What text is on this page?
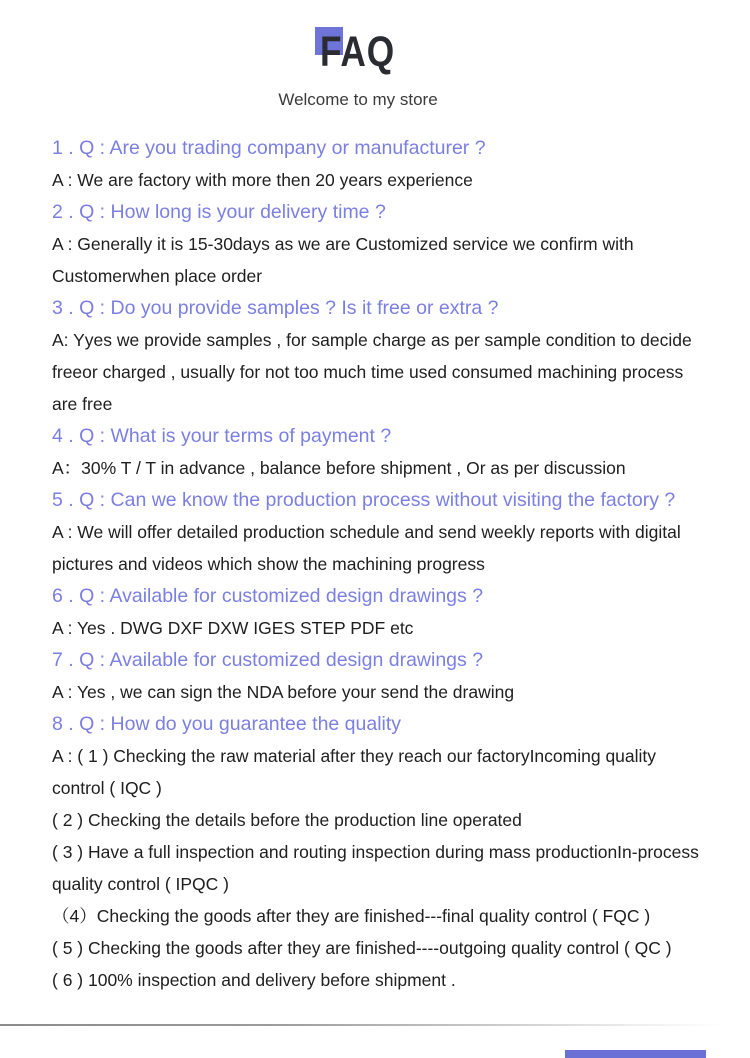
FAQ
Welcome to my store
1 . Q : Are you trading company or manufacturer ?
A : We are factory with more then 20 years experience
2 . Q : How long is your delivery time ?
A : Generally it is 15-30days as we are Customized service we confirm with
Customerwhen place order
3 . Q : Do you provide samples ? Is it free or extra ?
A: Yyes we provide samples , for sample charge as per sample condition to decide
freeor charged , usually for not too much time used consumed machining process
are free
4 . Q : What is your terms of payment ?
A：30% T / T in advance , balance before shipment , Or as per discussion
5 . Q : Can we know the production process without visiting the factory ?
A : We will offer detailed production schedule and send weekly reports with digital
pictures and videos which show the machining progress
6 . Q : Available for customized design drawings ?
A : Yes . DWG DXF DXW IGES STEP PDF etc
7 . Q : Available for customized design drawings ?
A : Yes , we can sign the NDA before your send the drawing
8 . Q : How do you guarantee the quality
A : ( 1 ) Checking the raw material after they reach our factoryIncoming quality
control ( IQC )
( 2 ) Checking the details before the production line operated
( 3 ) Have a full inspection and routing inspection during mass productionIn-process
quality control ( IPQC )
（4）Checking the goods after they are finished---final quality control ( FQC )
( 5 ) Checking the goods after they are finished----outgoing quality control ( QC )
( 6 ) 100% inspection and delivery before shipment .
